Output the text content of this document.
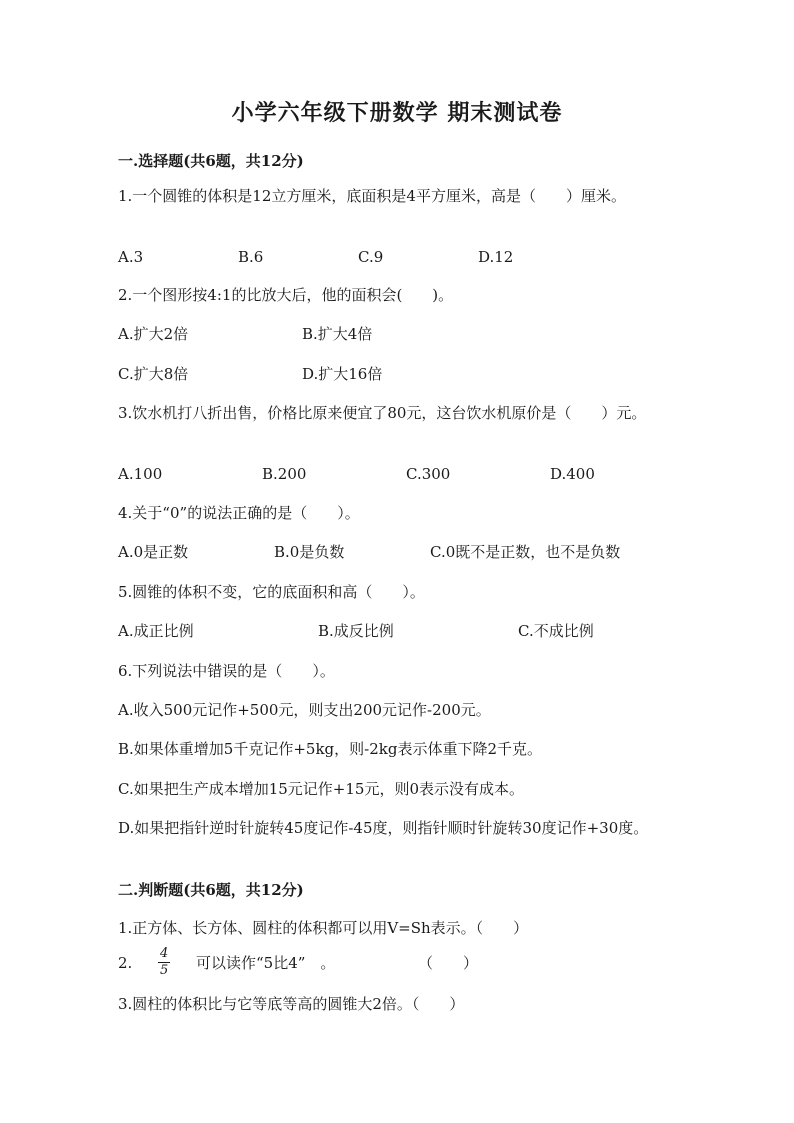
小学六年级下册数学 期末测试卷
一.选择题(共6题，共12分)
1.一个圆锥的体积是12立方厘米，底面积是4平方厘米，高是（　　）厘米。
A.3	B.6	C.9	D.12
2.一个图形按4:1的比放大后，他的面积会(　　)。
A.扩大2倍	B.扩大4倍
C.扩大8倍	D.扩大16倍
3.饮水机打八折出售，价格比原来便宜了80元，这台饮水机原价是（　　）元。
A.100	B.200	C.300	D.400
4.关于“0”的说法正确的是（　　）。
A.0是正数	B.0是负数	C.0既不是正数，也不是负数
5.圆锥的体积不变，它的底面积和高（　　）。
A.成正比例	B.成反比例	C.不成比例
6.下列说法中错误的是（　　）。
A.收入500元记作+500元，则支出200元记作-200元。
B.如果体重增加5千克记作+5kg，则-2kg表示体重下降2千克。
C.如果把生产成本增加15元记作+15元，则0表示没有成本。
D.如果把指针逆时针旋转45度记作-45度，则指针顺时针旋转30度记作+30度。
二.判断题(共6题，共12分)
1.正方体、长方体、圆柱的体积都可以用V=Sh表示。（　　）
2. $\frac{4}{5}$ 可以读作“5比4”　。	（　　）
3.圆柱的体积比与它等底等高的圆锥大2倍。（　　）
